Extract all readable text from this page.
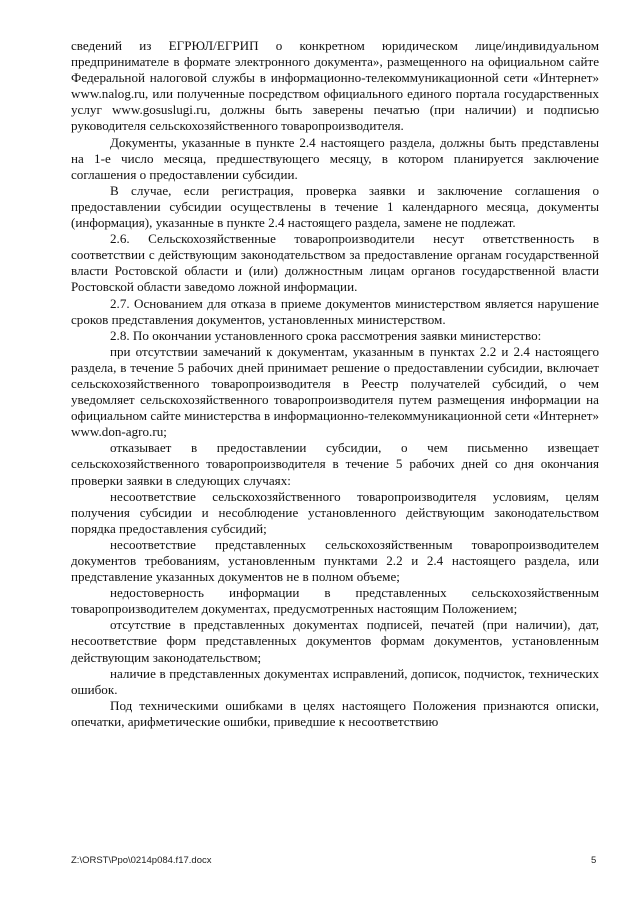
сведений из ЕГРЮЛ/ЕГРИП о конкретном юридическом лице/индивидуальном предпринимателе в формате электронного документа», размещенного на официальном сайте Федеральной налоговой службы в информационно-телекоммуникационной сети «Интернет» www.nalog.ru, или полученные посредством официального единого портала государственных услуг www.gosuslugi.ru, должны быть заверены печатью (при наличии) и подписью руководителя сельскохозяйственного товаропроизводителя.

Документы, указанные в пункте 2.4 настоящего раздела, должны быть представлены на 1-е число месяца, предшествующего месяцу, в котором планируется заключение соглашения о предоставлении субсидии.

В случае, если регистрация, проверка заявки и заключение соглашения о предоставлении субсидии осуществлены в течение 1 календарного месяца, документы (информация), указанные в пункте 2.4 настоящего раздела, замене не подлежат.

2.6. Сельскохозяйственные товаропроизводители несут ответственность в соответствии с действующим законодательством за предоставление органам государственной власти Ростовской области и (или) должностным лицам органов государственной власти Ростовской области заведомо ложной информации.

2.7. Основанием для отказа в приеме документов министерством является нарушение сроков представления документов, установленных министерством.

2.8. По окончании установленного срока рассмотрения заявки министерство:

при отсутствии замечаний к документам, указанным в пунктах 2.2 и 2.4 настоящего раздела, в течение 5 рабочих дней принимает решение о предоставлении субсидии, включает сельскохозяйственного товаропроизводителя в Реестр получателей субсидий, о чем уведомляет сельскохозяйственного товаропроизводителя путем размещения информации на официальном сайте министерства в информационно-телекоммуникационной сети «Интернет» www.don-agro.ru;

отказывает в предоставлении субсидии, о чем письменно извещает сельскохозяйственного товаропроизводителя в течение 5 рабочих дней со дня окончания проверки заявки в следующих случаях:

несоответствие сельскохозяйственного товаропроизводителя условиям, целям получения субсидии и несоблюдение установленного действующим законодательством порядка предоставления субсидий;

несоответствие представленных сельскохозяйственным товаропроизводителем документов требованиям, установленным пунктами 2.2 и 2.4 настоящего раздела, или представление указанных документов не в полном объеме;

недостоверность информации в представленных сельскохозяйственным товаропроизводителем документах, предусмотренных настоящим Положением;

отсутствие в представленных документах подписей, печатей (при наличии), дат, несоответствие форм представленных документов формам документов, установленным действующим законодательством;

наличие в представленных документах исправлений, дописок, подчисток, технических ошибок.

Под техническими ошибками в целях настоящего Положения признаются описки, опечатки, арифметические ошибки, приведшие к несоответствию

Z:\ORST\Ppo\0214p084.f17.docx	5
